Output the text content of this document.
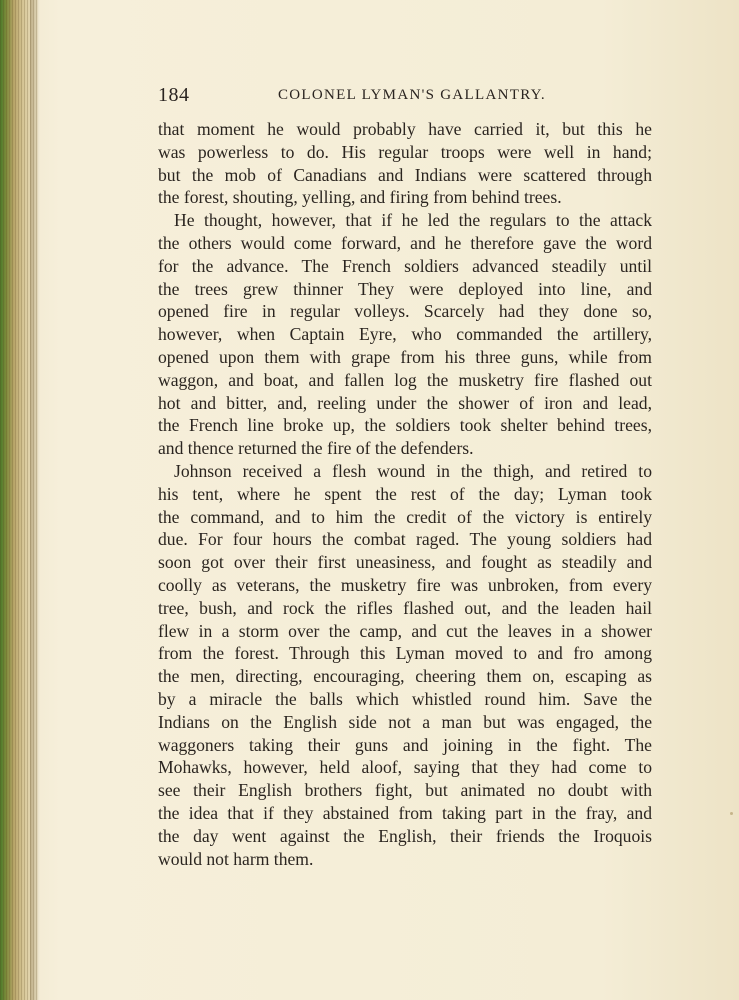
184	COLONEL LYMAN'S GALLANTRY.
that moment he would probably have carried it, but this he
was powerless to do. His regular troops were well in hand;
but the mob of Canadians and Indians were scattered through
the forest, shouting, yelling, and firing from behind trees.
He thought, however, that if he led the regulars to the attack
the others would come forward, and he therefore gave the word
for the advance. The French soldiers advanced steadily until
the trees grew thinner They were deployed into line, and
opened fire in regular volleys. Scarcely had they done so,
however, when Captain Eyre, who commanded the artillery,
opened upon them with grape from his three guns, while from
waggon, and boat, and fallen log the musketry fire flashed out
hot and bitter, and, reeling under the shower of iron and lead,
the French line broke up, the soldiers took shelter behind trees,
and thence returned the fire of the defenders.
Johnson received a flesh wound in the thigh, and retired to
his tent, where he spent the rest of the day; Lyman took
the command, and to him the credit of the victory is entirely
due. For four hours the combat raged. The young soldiers had
soon got over their first uneasiness, and fought as steadily and
coolly as veterans, the musketry fire was unbroken, from every
tree, bush, and rock the rifles flashed out, and the leaden hail
flew in a storm over the camp, and cut the leaves in a shower
from the forest. Through this Lyman moved to and fro among
the men, directing, encouraging, cheering them on, escaping as
by a miracle the balls which whistled round him. Save the
Indians on the English side not a man but was engaged, the
waggoners taking their guns and joining in the fight. The
Mohawks, however, held aloof, saying that they had come to
see their English brothers fight, but animated no doubt with
the idea that if they abstained from taking part in the fray, and
the day went against the English, their friends the Iroquois
would not harm them.
